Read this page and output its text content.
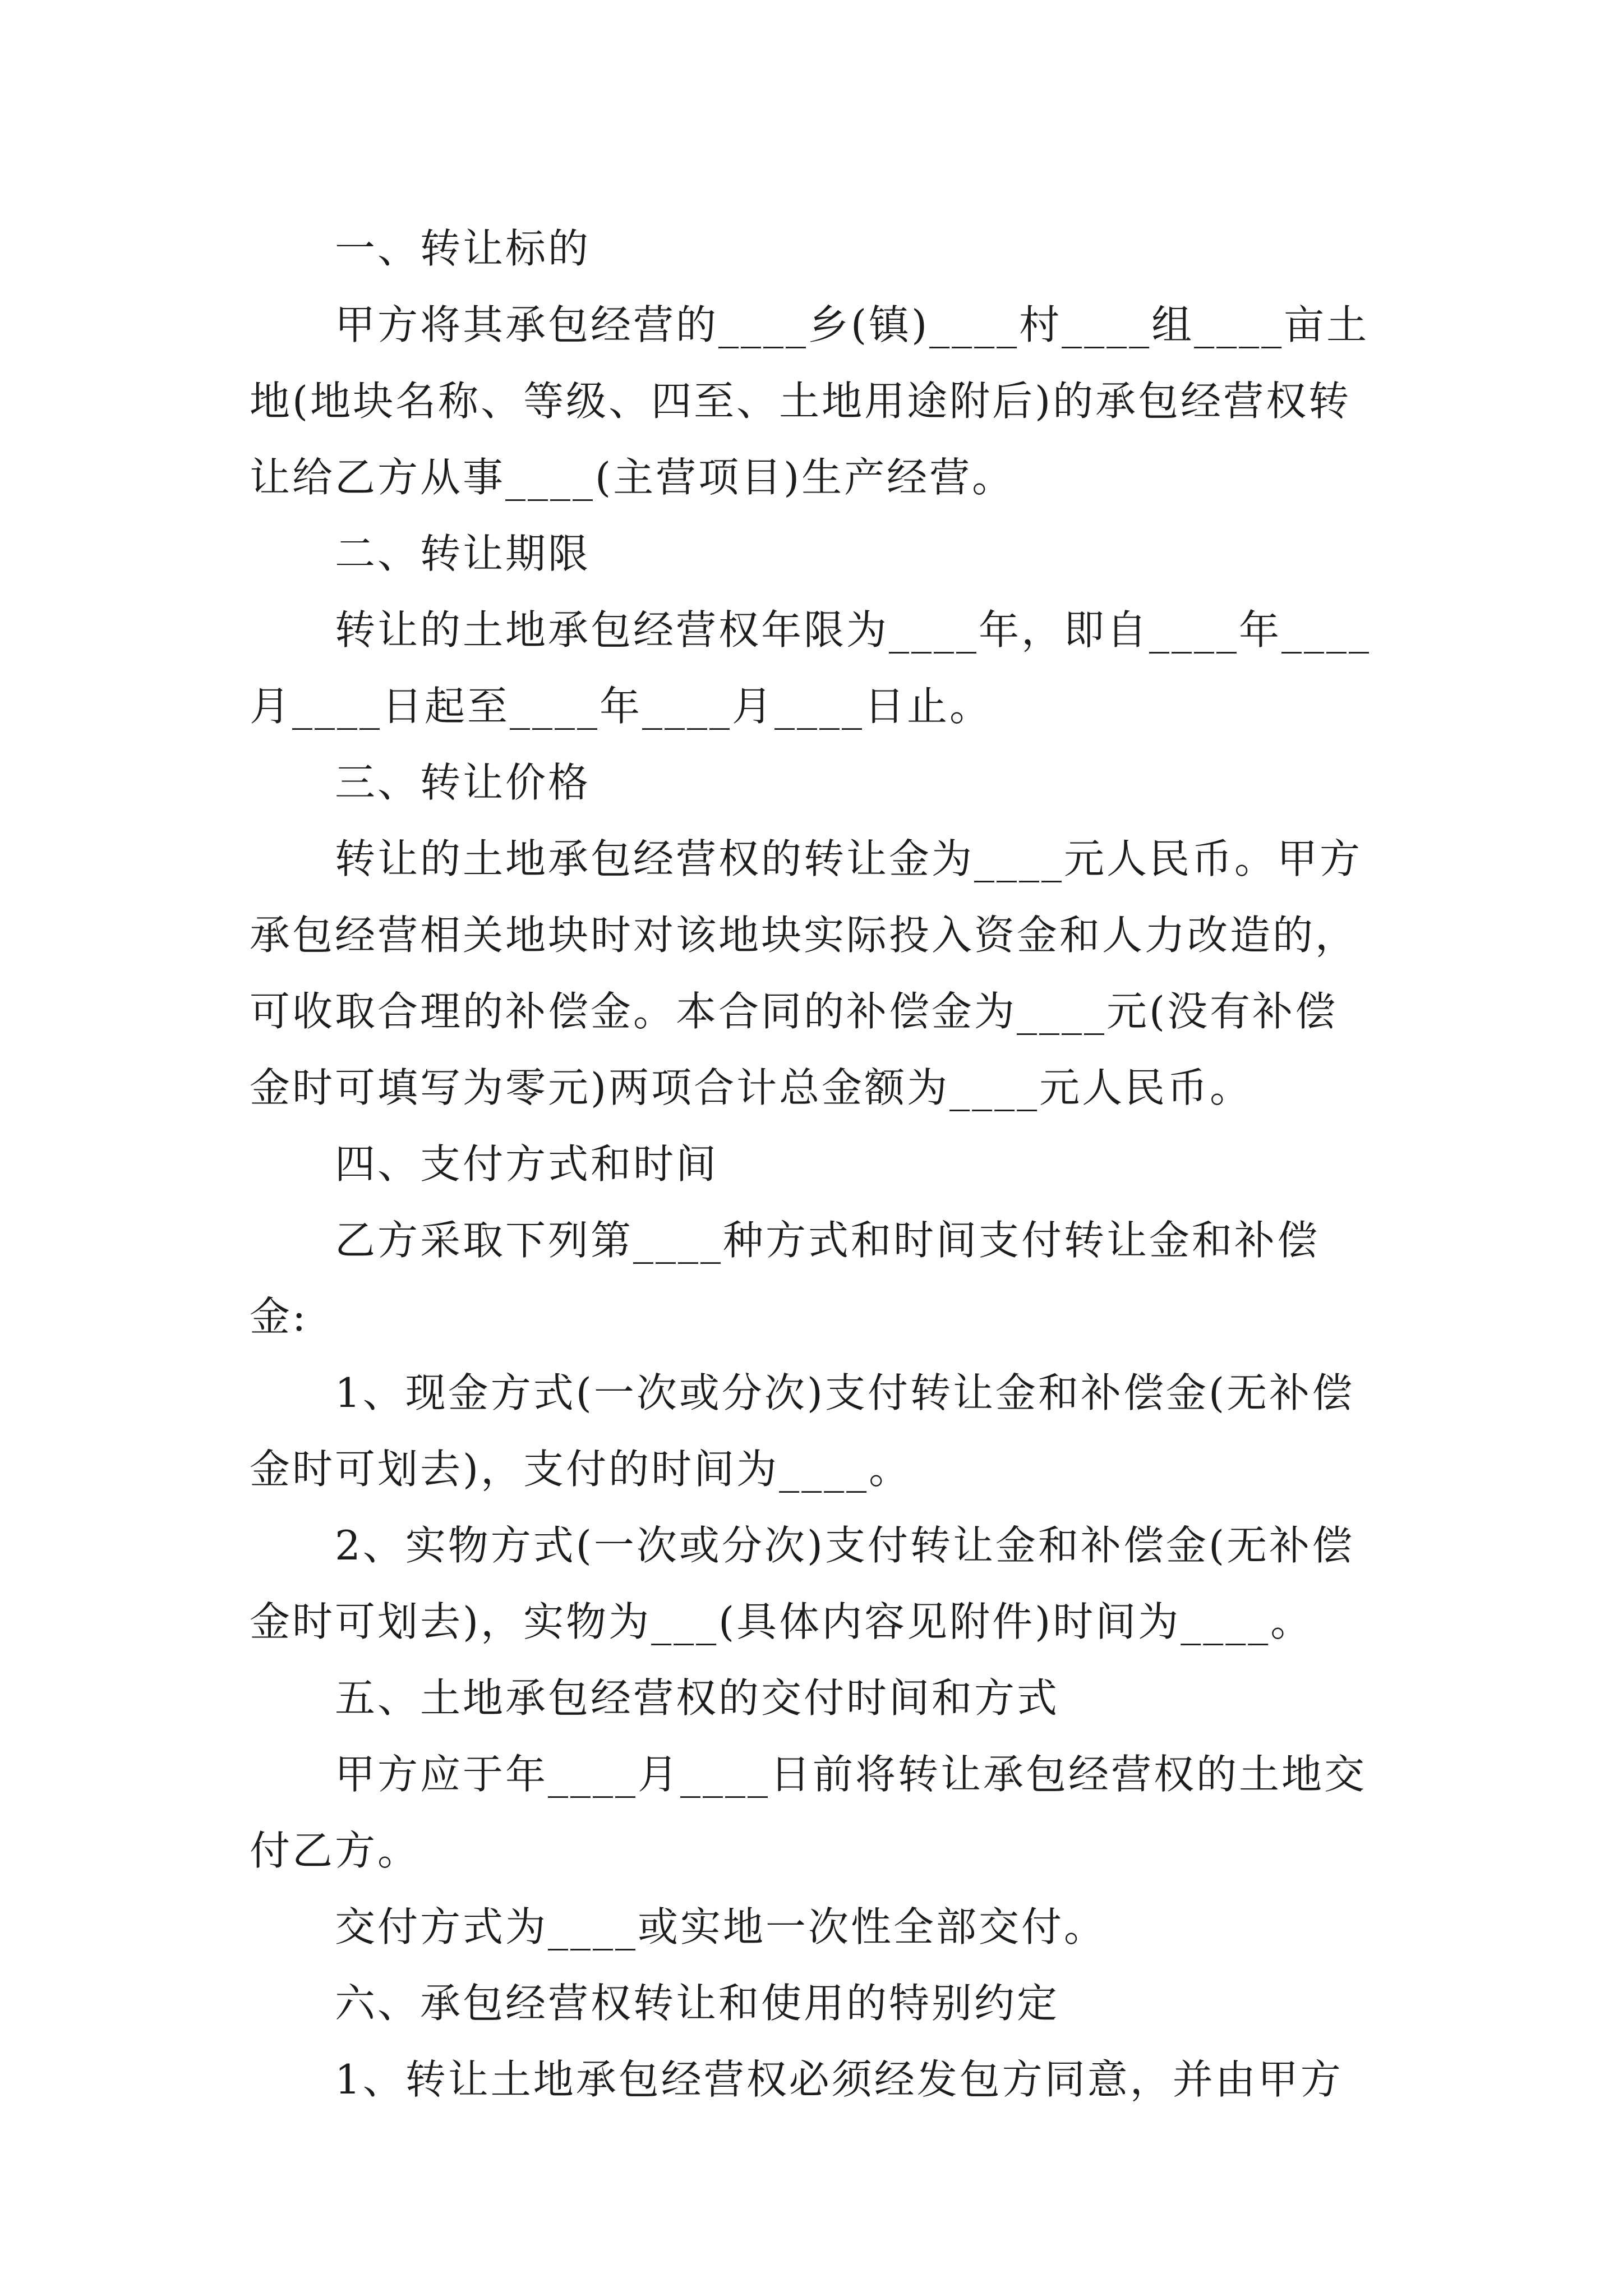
一、转让标的

甲方将其承包经营的____乡(镇)____村____组____亩土地(地块名称、等级、四至、土地用途附后)的承包经营权转让给乙方从事____(主营项目)生产经营。

二、转让期限

转让的土地承包经营权年限为____年，即自____年____月____日起至____年____月____日止。

三、转让价格

转让的土地承包经营权的转让金为____元人民币。甲方承包经营相关地块时对该地块实际投入资金和人力改造的，可收取合理的补偿金。本合同的补偿金为____元(没有补偿金时可填写为零元)两项合计总金额为____元人民币。

四、支付方式和时间

乙方采取下列第____种方式和时间支付转让金和补偿金:

1、现金方式(一次或分次)支付转让金和补偿金(无补偿金时可划去)，支付的时间为____。

2、实物方式(一次或分次)支付转让金和补偿金(无补偿金时可划去)，实物为___(具体内容见附件)时间为____。

五、土地承包经营权的交付时间和方式

甲方应于年____月____日前将转让承包经营权的土地交付乙方。

交付方式为____或实地一次性全部交付。

六、承包经营权转让和使用的特别约定

1、转让土地承包经营权必须经发包方同意，并由甲方
